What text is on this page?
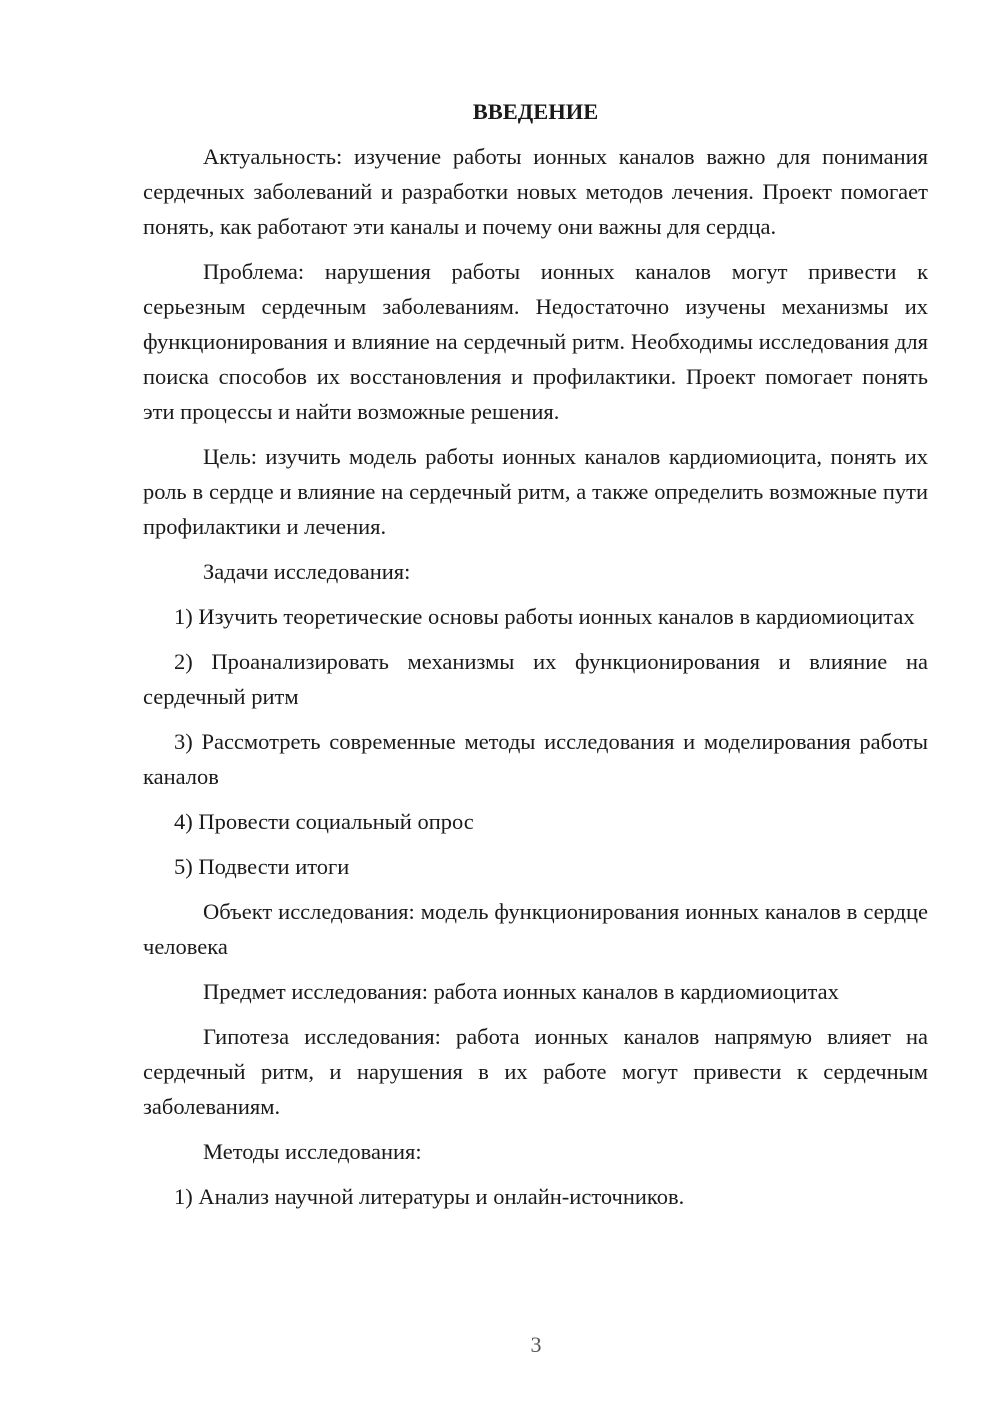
ВВЕДЕНИЕ
Актуальность: изучение работы ионных каналов важно для понимания сердечных заболеваний и разработки новых методов лечения. Проект помогает понять, как работают эти каналы и почему они важны для сердца.
Проблема: нарушения работы ионных каналов могут привести к серьезным сердечным заболеваниям. Недостаточно изучены механизмы их функционирования и влияние на сердечный ритм. Необходимы исследования для поиска способов их восстановления и профилактики. Проект помогает понять эти процессы и найти возможные решения.
Цель: изучить модель работы ионных каналов кардиомиоцита, понять их роль в сердце и влияние на сердечный ритм, а также определить возможные пути профилактики и лечения.
Задачи исследования:
1) Изучить теоретические основы работы ионных каналов в кардиомиоцитах
2) Проанализировать механизмы их функционирования и влияние на сердечный ритм
3) Рассмотреть современные методы исследования и моделирования работы каналов
4) Провести социальный опрос
5) Подвести итоги
Объект исследования: модель функционирования ионных каналов в сердце человека
Предмет исследования: работа ионных каналов в кардиомиоцитах
Гипотеза исследования: работа ионных каналов напрямую влияет на сердечный ритм, и нарушения в их работе могут привести к сердечным заболеваниям.
Методы исследования:
1) Анализ научной литературы и онлайн-источников.
3
